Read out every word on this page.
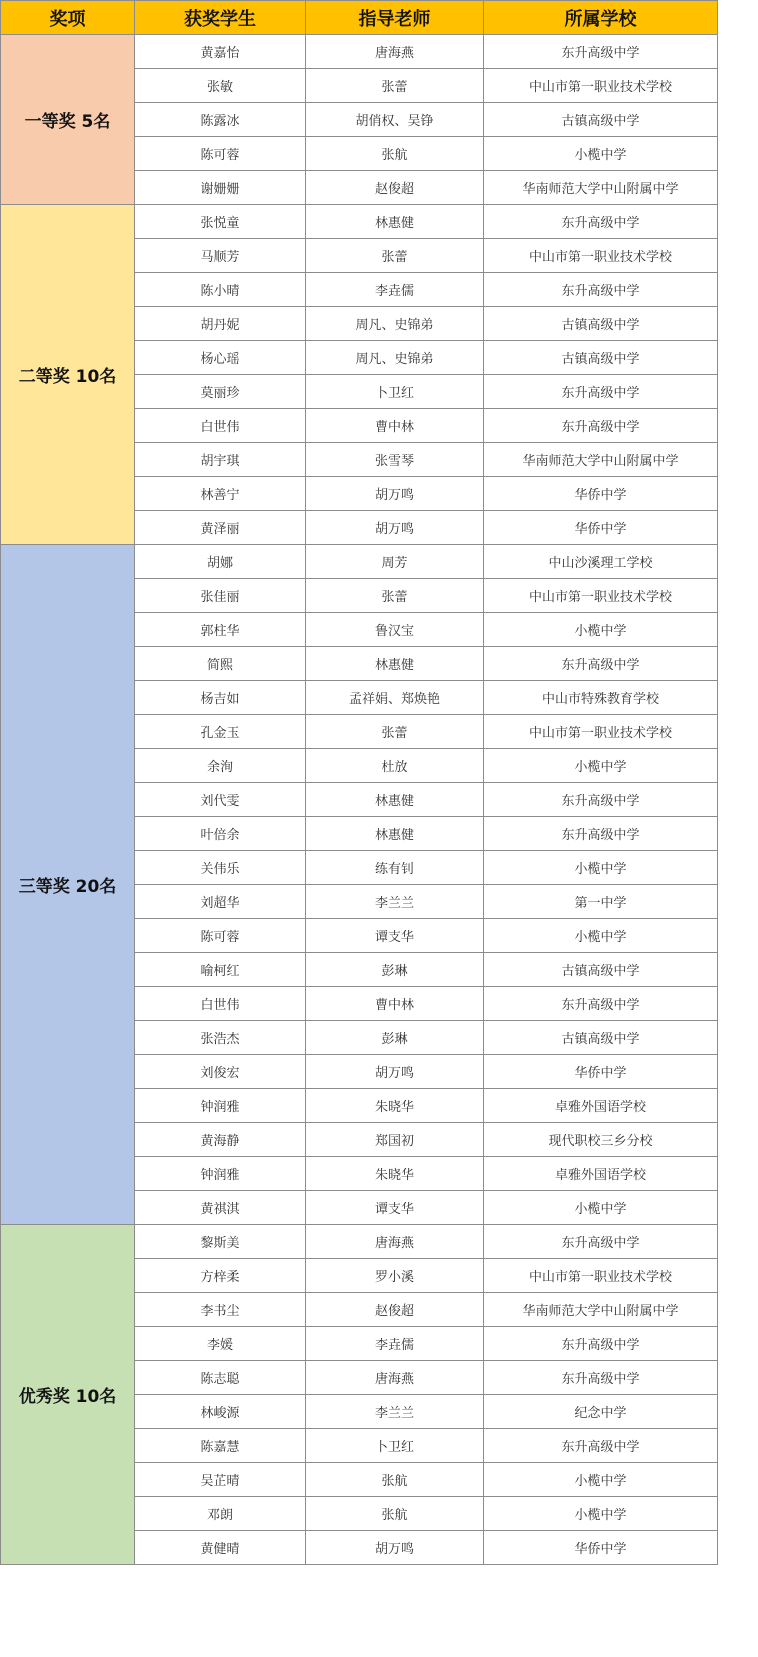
奖项	获奖学生	指导老师	所属学校
一等奖 5名	黄嘉怡	唐海燕	东升高级中学
	张敏	张蕾	中山市第一职业技术学校
	陈露冰	胡俏权、吴铮	古镇高级中学
	陈可蓉	张航	小榄中学
	谢姗姗	赵俊超	华南师范大学中山附属中学
二等奖 10名	张悦童	林惠健	东升高级中学
	马顺芳	张蕾	中山市第一职业技术学校
	陈小晴	李垚儒	东升高级中学
	胡丹妮	周凡、史锦弟	古镇高级中学
	杨心瑶	周凡、史锦弟	古镇高级中学
	莫丽珍	卜卫红	东升高级中学
	白世伟	曹中林	东升高级中学
	胡宇琪	张雪琴	华南师范大学中山附属中学
	林善宁	胡万鸣	华侨中学
	黄泽丽	胡万鸣	华侨中学
三等奖 20名	胡娜	周芳	中山沙溪理工学校
	张佳丽	张蕾	中山市第一职业技术学校
	郭柱华	鲁汉宝	小榄中学
	简熙	林惠健	东升高级中学
	杨吉如	孟祥娟、郑焕艳	中山市特殊教育学校
	孔金玉	张蕾	中山市第一职业技术学校
	余洵	杜放	小榄中学
	刘代雯	林惠健	东升高级中学
	叶倍余	林惠健	东升高级中学
	关伟乐	练有钊	小榄中学
	刘超华	李兰兰	第一中学
	陈可蓉	谭支华	小榄中学
	喻柯红	彭琳	古镇高级中学
	白世伟	曹中林	东升高级中学
	张浩杰	彭琳	古镇高级中学
	刘俊宏	胡万鸣	华侨中学
	钟润雅	朱晓华	卓雅外国语学校
	黄海静	郑国初	现代职校三乡分校
	钟润雅	朱晓华	卓雅外国语学校
	黄祺淇	谭支华	小榄中学
优秀奖 10名	黎斯美	唐海燕	东升高级中学
	方梓柔	罗小溪	中山市第一职业技术学校
	李书尘	赵俊超	华南师范大学中山附属中学
	李媛	李垚儒	东升高级中学
	陈志聪	唐海燕	东升高级中学
	林峻源	李兰兰	纪念中学
	陈嘉慧	卜卫红	东升高级中学
	吴芷晴	张航	小榄中学
	邓朗	张航	小榄中学
	黄健晴	胡万鸣	华侨中学
